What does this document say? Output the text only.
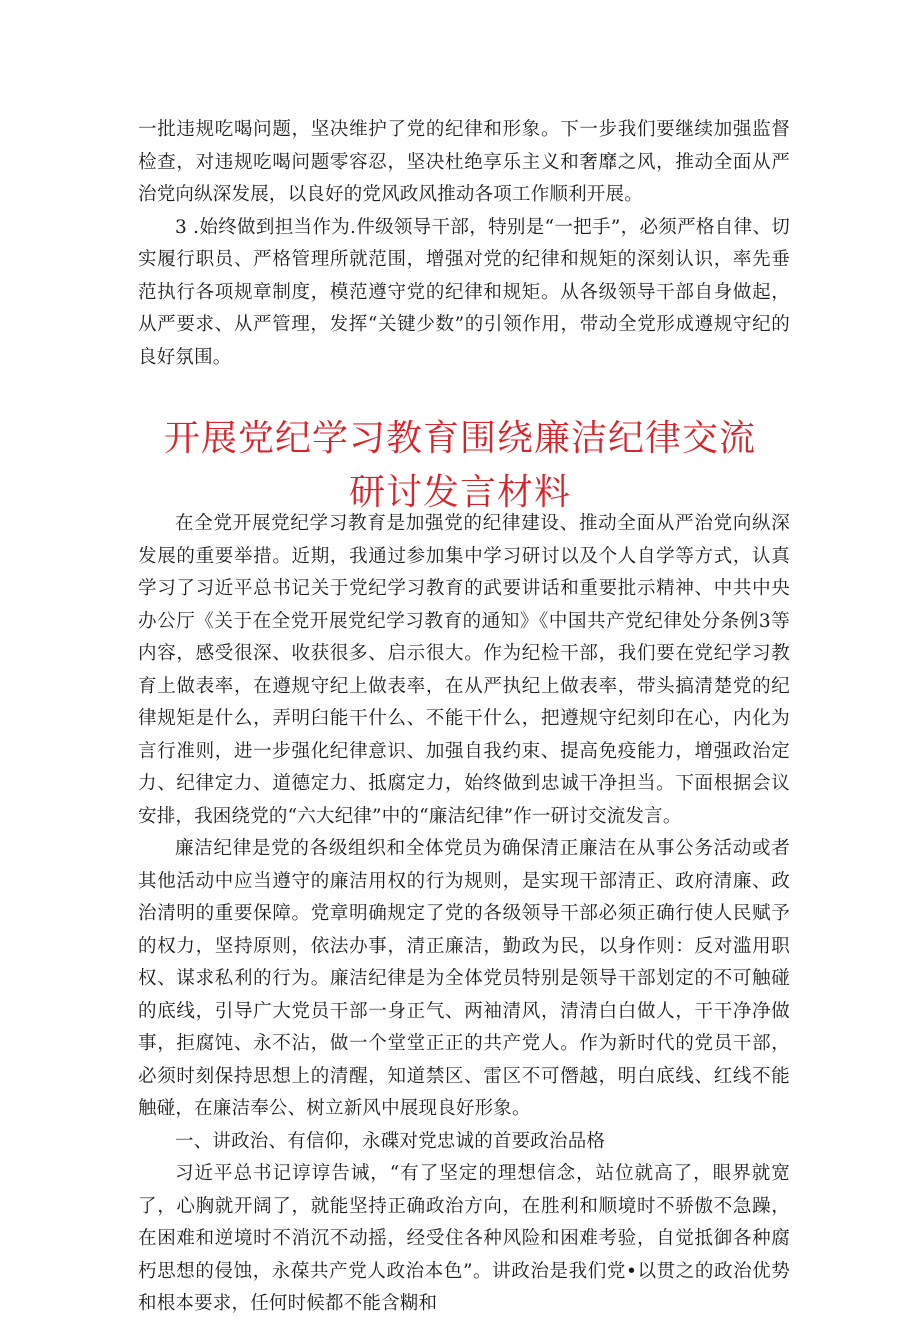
一批违规吃喝问题，坚决维护了党的纪律和形象。下一步我们要继续加强监督检查，对违规吃喝问题零容忍，坚决杜绝享乐主义和奢靡之风，推动全面从严治党向纵深发展，以良好的党风政风推动各项工作顺利开展。

3 .始终做到担当作为.件级领导干部，特别是“一把手”，必须严格自律、切实履行职员、严格管理所就范围，增强对党的纪律和规矩的深刻认识，率先垂范执行各项规章制度，模范遵守党的纪律和规矩。从各级领导干部自身做起，从严要求、从严管理，发挥“关键少数”的引领作用，带动全党形成遵规守纪的良好氛围。

开展党纪学习教育围绕廉洁纪律交流
研讨发言材料

在全党开展党纪学习教育是加强党的纪律建设、推动全面从严治党向纵深发展的重要举措。近期，我通过参加集中学习研讨以及个人自学等方式，认真学习了习近平总书记关于党纪学习教育的武要讲话和重要批示精神、中共中央办公厅《关于在全党开展党纪学习教育的通知》《中国共产党纪律处分条例3等内容，感受很深、收获很多、启示很大。作为纪检干部，我们要在党纪学习教育上做表率，在遵规守纪上做表率，在从严执纪上做表率，带头搞清楚党的纪律规矩是什么，弄明臼能干什么、不能干什么，把遵规守纪刻印在心，内化为言行准则，进一步强化纪律意识、加强自我约束、提高免疫能力，增强政治定力、纪律定力、道德定力、抵腐定力，始终做到忠诚干净担当。下面根据会议安排，我困绕党的“六大纪律”中的“廉洁纪律”作一研讨交流发言。

廉洁纪律是党的各级组织和全体党员为确保清正廉洁在从事公务活动或者其他活动中应当遵守的廉洁用权的行为规则，是实现干部清正、政府清廉、政治清明的重要保障。党章明确规定了党的各级领导干部必须正确行使人民赋予的权力，坚持原则，依法办事，清正廉洁，勤政为民，以身作则：反对滥用职权、谋求私利的行为。廉洁纪律是为全体党员特别是领导干部划定的不可触碰的底线，引导广大党员干部一身正气、两袖清风，清清白白做人，干干净净做事，拒腐饨、永不沾，做一个堂堂正正的共产党人。作为新时代的党员干部，必须时刻保持思想上的清醒，知道禁区、雷区不可僭越，明白底线、红线不能触碰，在廉洁奉公、树立新风中展现良好形象。

一、讲政治、有信仰，永碟对党忠诚的首要政治品格

习近平总书记谆谆告诫，“有了坚定的理想信念，站位就高了，眼界就宽了，心胸就开阔了，就能坚持正确政治方向，在胜利和顺境时不骄傲不急躁，在困难和逆境时不消沉不动摇，经受住各种风险和困难考验，自觉抵御各种腐朽思想的侵蚀，永葆共产党人政治本色”。讲政治是我们党•以贯之的政治优势和根本要求，任何时候都不能含糊和
